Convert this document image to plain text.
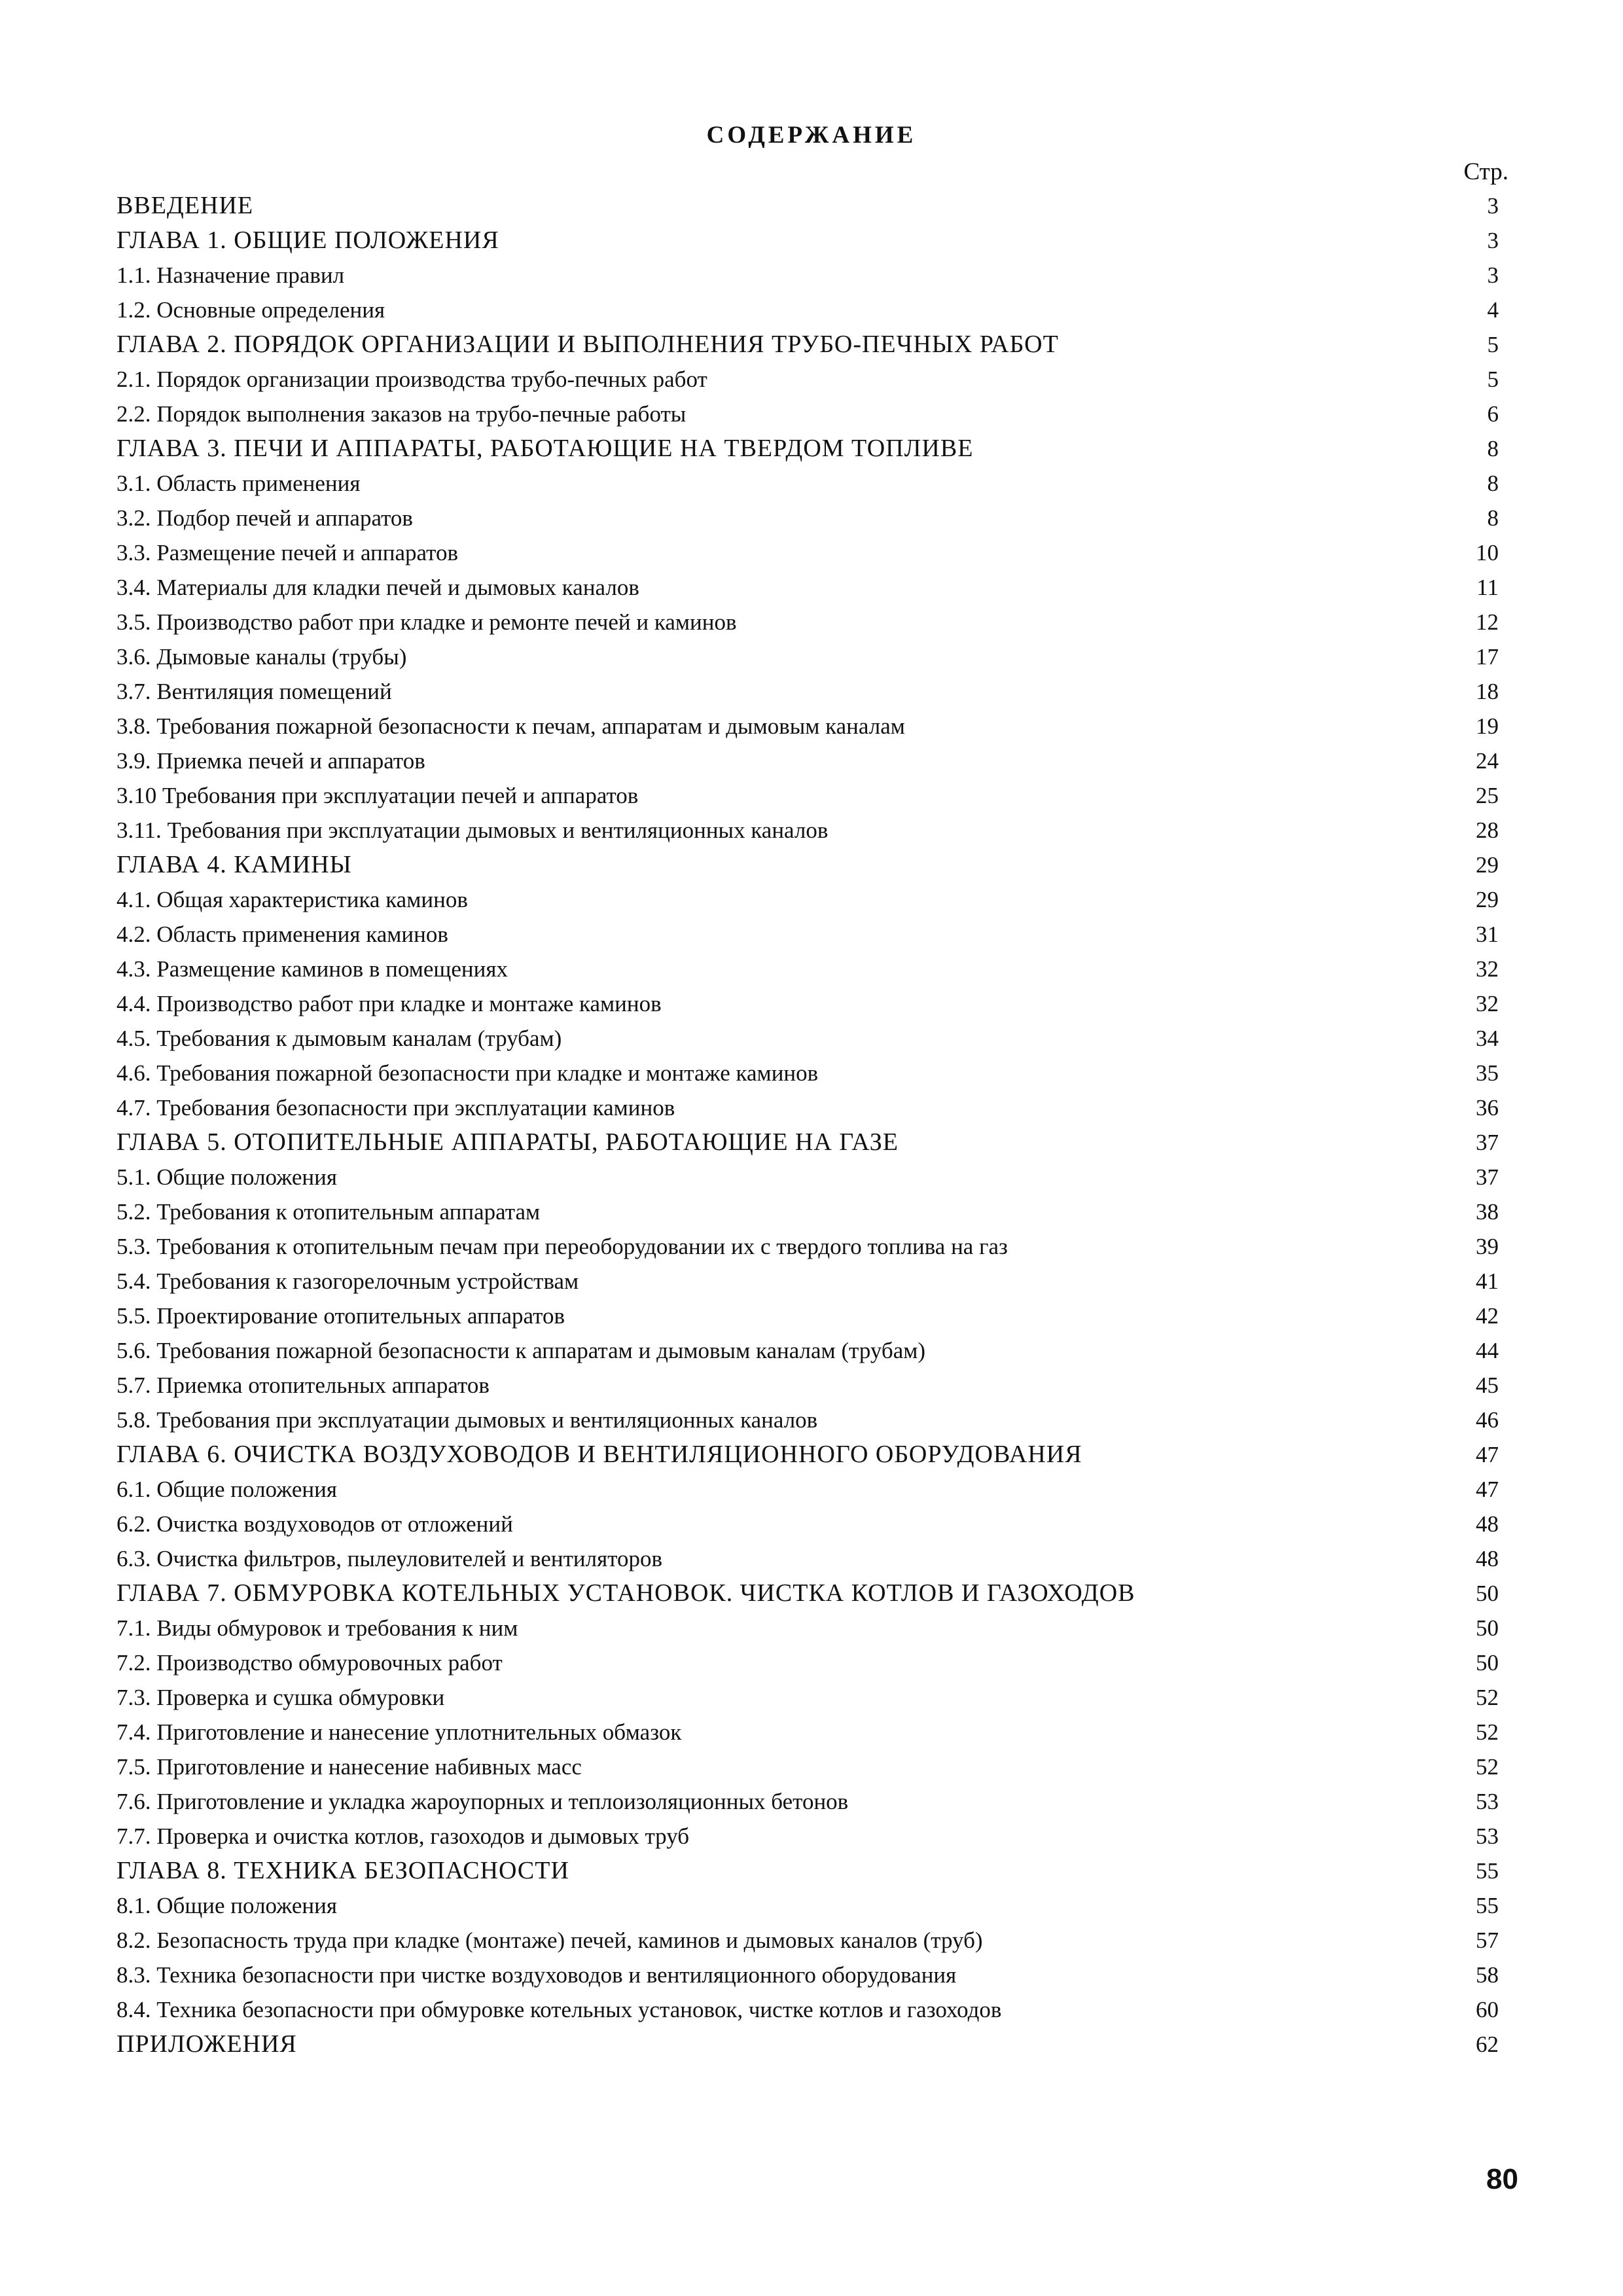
СОДЕРЖАНИЕ
Стр.
ВВЕДЕНИЕ	3
ГЛАВА 1. ОБЩИЕ ПОЛОЖЕНИЯ	3
1.1. Назначение правил	3
1.2. Основные определения	4
ГЛАВА 2. ПОРЯДОК ОРГАНИЗАЦИИ И ВЫПОЛНЕНИЯ ТРУБО-ПЕЧНЫХ РАБОТ	5
2.1. Порядок организации производства трубо-печных работ	5
2.2. Порядок выполнения заказов на трубо-печные работы	6
ГЛАВА 3. ПЕЧИ И АППАРАТЫ, РАБОТАЮЩИЕ НА ТВЕРДОМ ТОПЛИВЕ	8
3.1. Область применения	8
3.2. Подбор печей и аппаратов	8
3.3. Размещение печей и аппаратов	10
3.4. Материалы для кладки печей и дымовых каналов	11
3.5. Производство работ при кладке и ремонте печей и каминов	12
3.6. Дымовые каналы (трубы)	17
3.7. Вентиляция помещений	18
3.8. Требования пожарной безопасности к печам, аппаратам и дымовым каналам	19
3.9. Приемка печей и аппаратов	24
3.10 Требования при эксплуатации печей и аппаратов	25
3.11. Требования при эксплуатации дымовых и вентиляционных каналов	28
ГЛАВА 4. КАМИНЫ	29
4.1. Общая характеристика каминов	29
4.2. Область применения каминов	31
4.3. Размещение каминов в помещениях	32
4.4. Производство работ при кладке и монтаже каминов	32
4.5. Требования к дымовым каналам (трубам)	34
4.6. Требования пожарной безопасности при кладке и монтаже каминов	35
4.7. Требования безопасности при эксплуатации каминов	36
ГЛАВА 5. ОТОПИТЕЛЬНЫЕ АППАРАТЫ, РАБОТАЮЩИЕ НА ГАЗЕ	37
5.1. Общие положения	37
5.2. Требования к отопительным аппаратам	38
5.3. Требования к отопительным печам при переоборудовании их с твердого топлива на газ	39
5.4. Требования к газогорелочным устройствам	41
5.5. Проектирование отопительных аппаратов	42
5.6. Требования пожарной безопасности к аппаратам и дымовым каналам (трубам)	44
5.7. Приемка отопительных аппаратов	45
5.8. Требования при эксплуатации дымовых и вентиляционных каналов	46
ГЛАВА 6. ОЧИСТКА ВОЗДУХОВОДОВ И ВЕНТИЛЯЦИОННОГО ОБОРУДОВАНИЯ	47
6.1. Общие положения	47
6.2. Очистка воздуховодов от отложений	48
6.3. Очистка фильтров, пылеуловителей и вентиляторов	48
ГЛАВА 7. ОБМУРОВКА КОТЕЛЬНЫХ УСТАНОВОК. ЧИСТКА КОТЛОВ И ГАЗОХОДОВ	50
7.1. Виды обмуровок и требования к ним	50
7.2. Производство обмуровочных работ	50
7.3. Проверка и сушка обмуровки	52
7.4. Приготовление и нанесение уплотнительных обмазок	52
7.5. Приготовление и нанесение набивных масс	52
7.6. Приготовление и укладка жароупорных и теплоизоляционных бетонов	53
7.7. Проверка и очистка котлов, газоходов и дымовых труб	53
ГЛАВА 8. ТЕХНИКА БЕЗОПАСНОСТИ	55
8.1. Общие положения	55
8.2. Безопасность труда при кладке (монтаже) печей, каминов и дымовых каналов (труб)	57
8.3. Техника безопасности при чистке воздуховодов и вентиляционного оборудования	58
8.4. Техника безопасности при обмуровке котельных установок, чистке котлов и газоходов	60
ПРИЛОЖЕНИЯ	62
80
